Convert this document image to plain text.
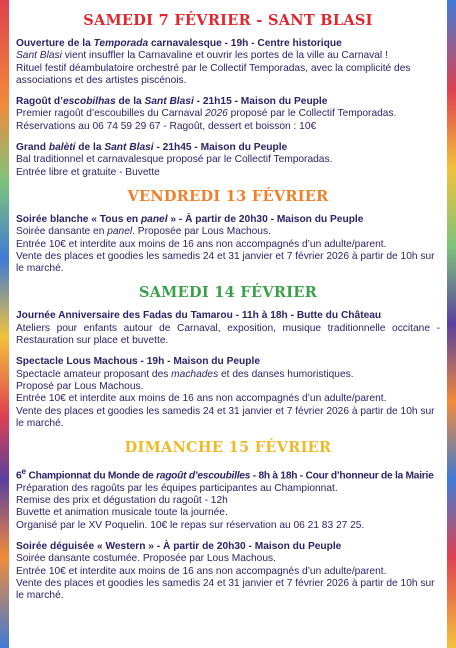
SAMEDI 7 FÉVRIER - SANT BLASI
Ouverture de la Temporada carnavalesque - 19h - Centre historique
Sant Blasi vient insuffler la Carnavaline et ouvrir les portes de la ville au Carnaval !
Rituel festif déambulatoire orchestré par le Collectif Temporadas, avec la complicité des associations et des artistes piscénois.
Ragoût d’escobilhas de la Sant Blasi - 21h15 - Maison du Peuple
Premier ragoût d’escoubilles du Carnaval 2026 proposé par le Collectif Temporadas.
Réservations au 06 74 59 29 67 - Ragoût, dessert et boisson : 10€
Grand balèti de la Sant Blasi - 21h45 - Maison du Peuple
Bal traditionnel et carnavalesque proposé par le Collectif Temporadas.
Entrée libre et gratuite - Buvette
VENDREDI 13 FÉVRIER
Soirée blanche « Tous en panel » - À partir de 20h30 - Maison du Peuple
Soirée dansante en panel. Proposée par Lous Machous.
Entrée 10€ et interdite aux moins de 16 ans non accompagnés d’un adulte/parent.
Vente des places et goodies les samedis 24 et 31 janvier et 7 février 2026 à partir de 10h sur le marché.
SAMEDI 14 FÉVRIER
Journée Anniversaire des Fadas du Tamarou - 11h à 18h - Butte du Château
Ateliers pour enfants autour de Carnaval, exposition, musique traditionnelle occitane - Restauration sur place et buvette.
Spectacle Lous Machous - 19h - Maison du Peuple
Spectacle amateur proposant des machades et des danses humoristiques.
Proposé par Lous Machous.
Entrée 10€ et interdite aux moins de 16 ans non accompagnés d’un adulte/parent.
Vente des places et goodies les samedis 24 et 31 janvier et 7 février 2026 à partir de 10h sur le marché.
DIMANCHE 15 FÉVRIER
6e Championnat du Monde de ragoût d’escoubilles - 8h à 18h - Cour d’honneur de la Mairie
Préparation des ragoûts par les équipes participantes au Championnat.
Remise des prix et dégustation du ragoût - 12h
Buvette et animation musicale toute la journée.
Organisé par le XV Poquelin. 10€ le repas sur réservation au 06 21 83 27 25.
Soirée déguisée « Western » - À partir de 20h30 - Maison du Peuple
Soirée dansante costumée. Proposée par Lous Machous.
Entrée 10€ et interdite aux moins de 16 ans non accompagnés d’un adulte/parent.
Vente des places et goodies les samedis 24 et 31 janvier et 7 février 2026 à partir de 10h sur le marché.
